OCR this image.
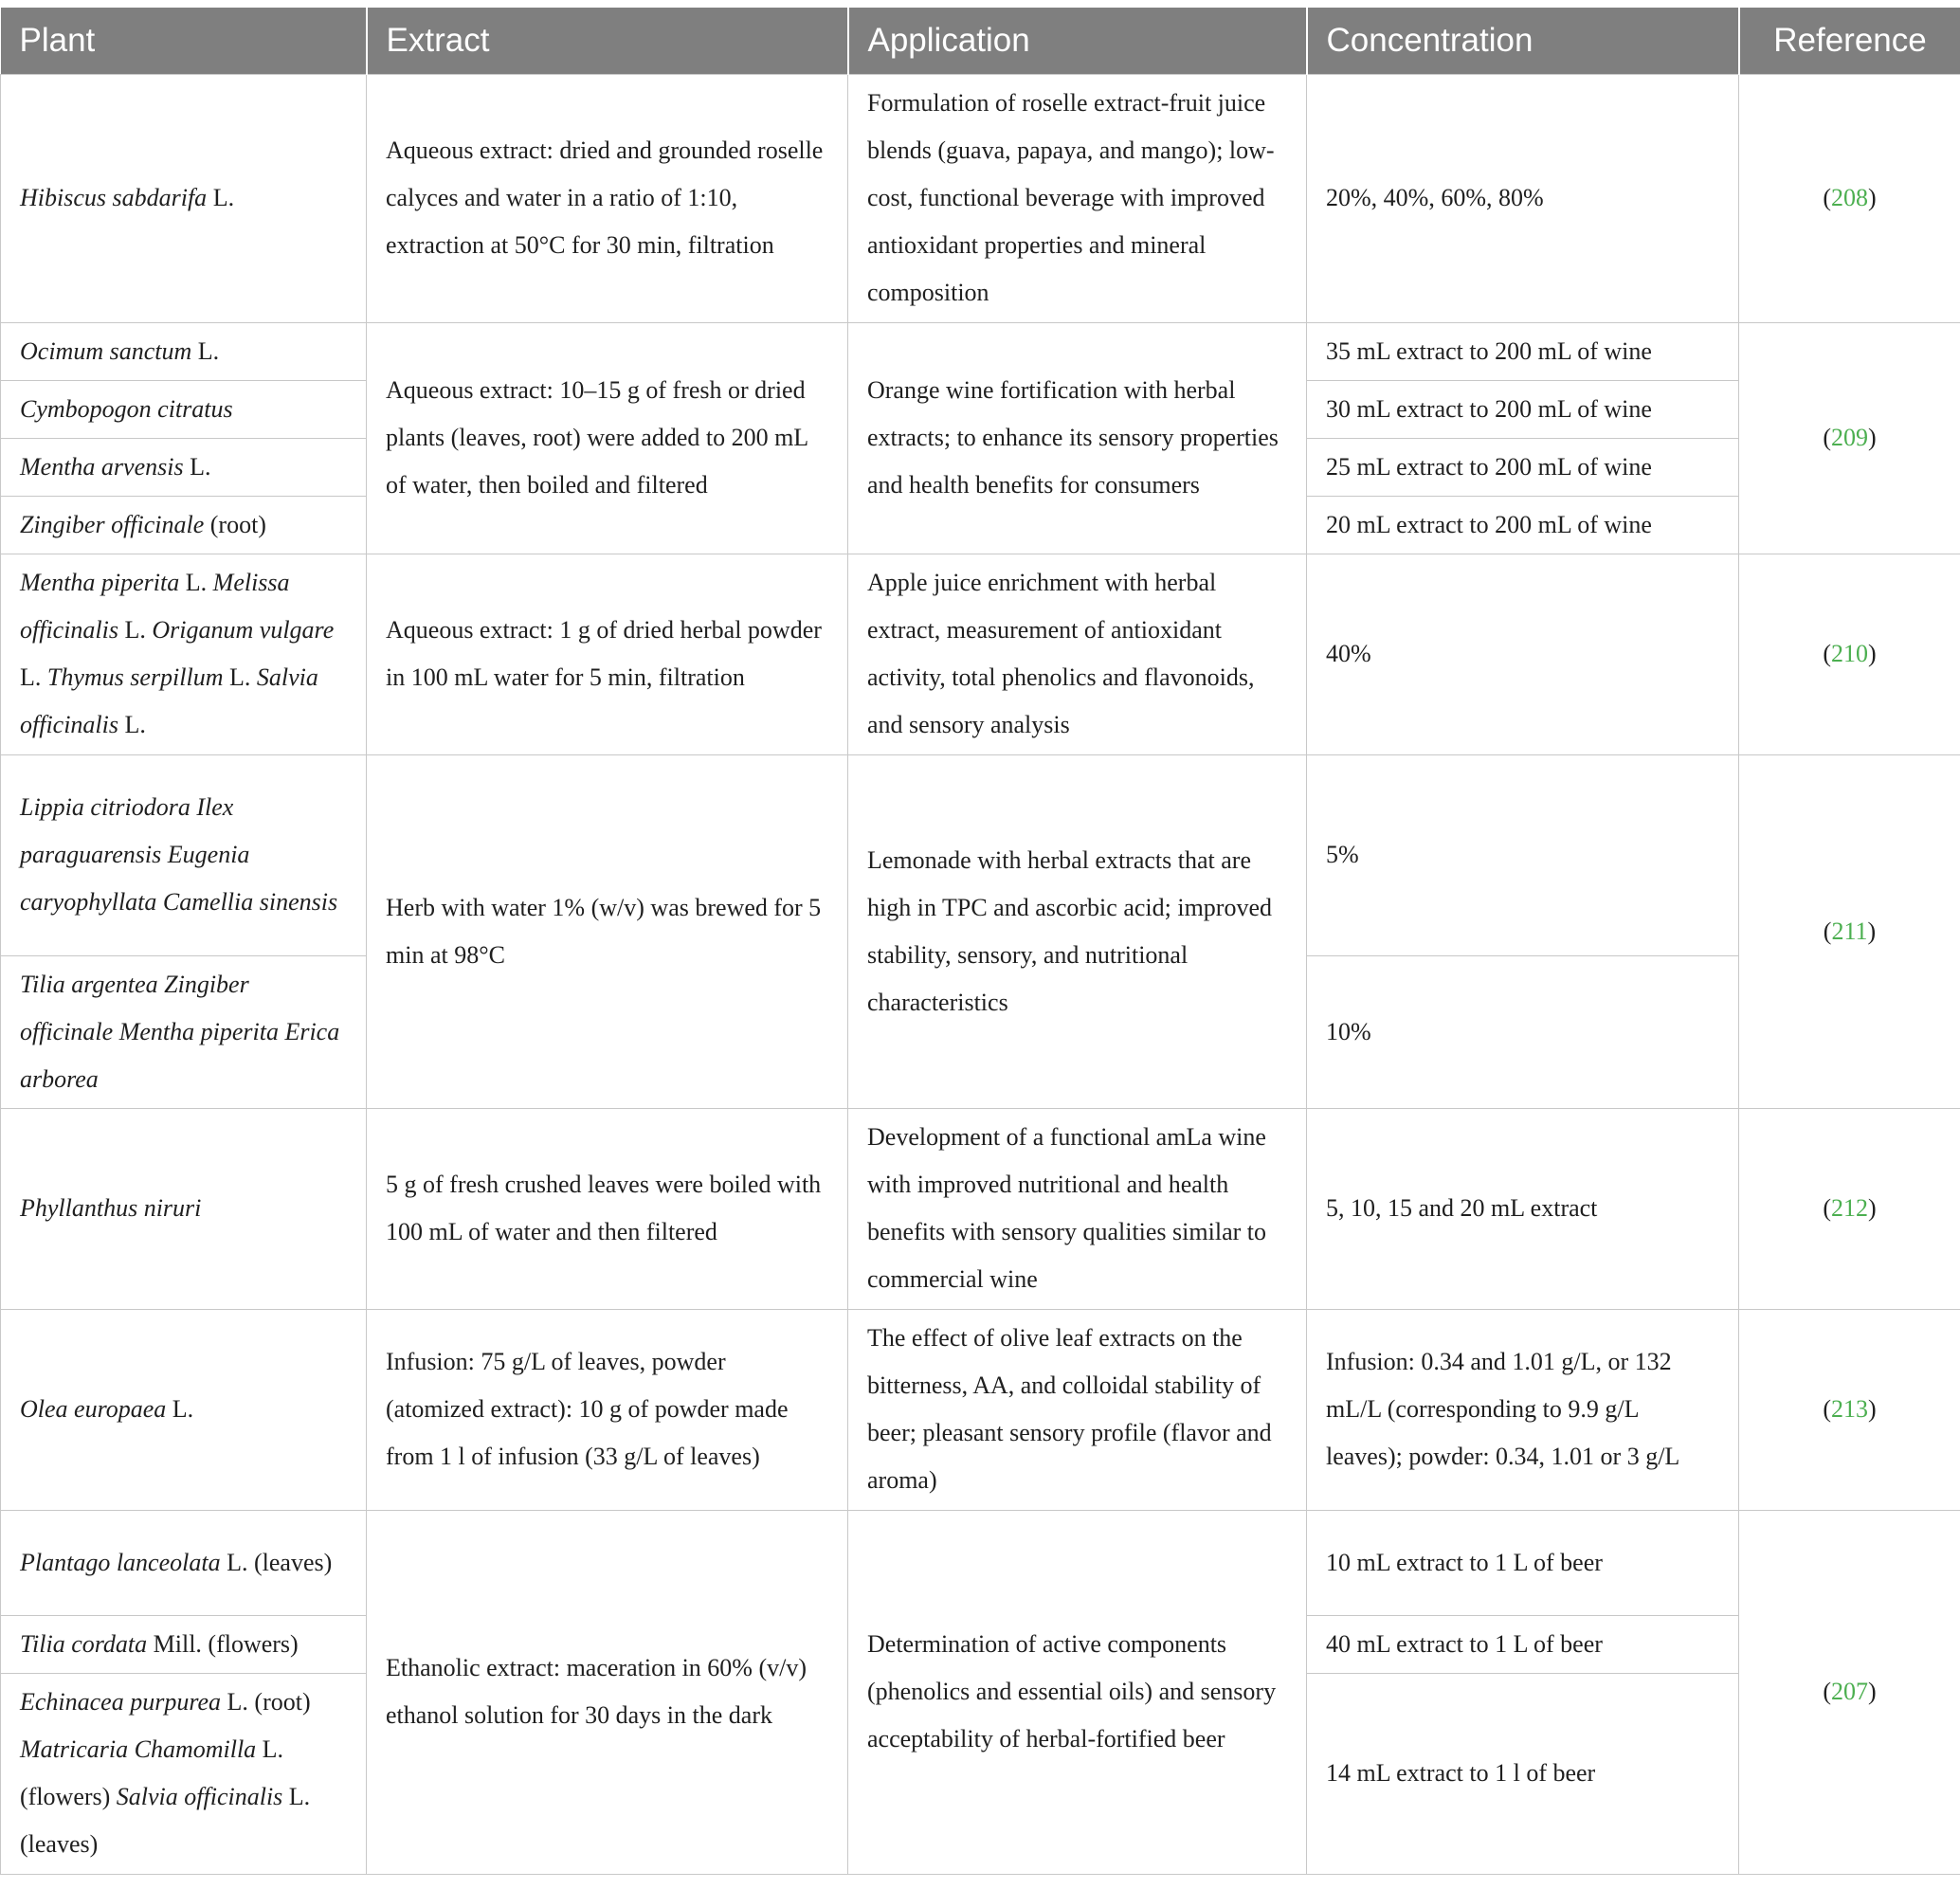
Plant	Extract	Application	Concentration	Reference
Hibiscus sabdarifa L.	Aqueous extract: dried and grounded roselle calyces and water in a ratio of 1:10, extraction at 50°C for 30 min, filtration	Formulation of roselle extract-fruit juice blends (guava, papaya, and mango); low-cost, functional beverage with improved antioxidant properties and mineral composition	20%, 40%, 60%, 80%	(208)
Ocimum sanctum L.	Aqueous extract: 10–15 g of fresh or dried plants (leaves, root) were added to 200 mL of water, then boiled and filtered	Orange wine fortification with herbal extracts; to enhance its sensory properties and health benefits for consumers	35 mL extract to 200 mL of wine	(209)
Cymbopogon citratus			30 mL extract to 200 mL of wine	
Mentha arvensis L.			25 mL extract to 200 mL of wine	
Zingiber officinale (root)			20 mL extract to 200 mL of wine	
Mentha piperita L. Melissa officinalis L. Origanum vulgare L. Thymus serpillum L. Salvia officinalis L.	Aqueous extract: 1 g of dried herbal powder in 100 mL water for 5 min, filtration	Apple juice enrichment with herbal extract, measurement of antioxidant activity, total phenolics and flavonoids, and sensory analysis	40%	(210)
Lippia citriodora Ilex paraguarensis Eugenia caryophyllata Camellia sinensis	Herb with water 1% (w/v) was brewed for 5 min at 98°C	Lemonade with herbal extracts that are high in TPC and ascorbic acid; improved stability, sensory, and nutritional characteristics	5%	(211)
Tilia argentea Zingiber officinale Mentha piperita Erica arborea			10%	
Phyllanthus niruri	5 g of fresh crushed leaves were boiled with 100 mL of water and then filtered	Development of a functional amLa wine with improved nutritional and health benefits with sensory qualities similar to commercial wine	5, 10, 15 and 20 mL extract	(212)
Olea europaea L.	Infusion: 75 g/L of leaves, powder (atomized extract): 10 g of powder made from 1 l of infusion (33 g/L of leaves)	The effect of olive leaf extracts on the bitterness, AA, and colloidal stability of beer; pleasant sensory profile (flavor and aroma)	Infusion: 0.34 and 1.01 g/L, or 132 mL/L (corresponding to 9.9 g/L leaves); powder: 0.34, 1.01 or 3 g/L	(213)
Plantago lanceolata L. (leaves)	Ethanolic extract: maceration in 60% (v/v) ethanol solution for 30 days in the dark	Determination of active components (phenolics and essential oils) and sensory acceptability of herbal-fortified beer	10 mL extract to 1 L of beer	(207)
Tilia cordata Mill. (flowers)			40 mL extract to 1 L of beer	
Echinacea purpurea L. (root) Matricaria Chamomilla L. (flowers) Salvia officinalis L. (leaves)			14 mL extract to 1 l of beer	
